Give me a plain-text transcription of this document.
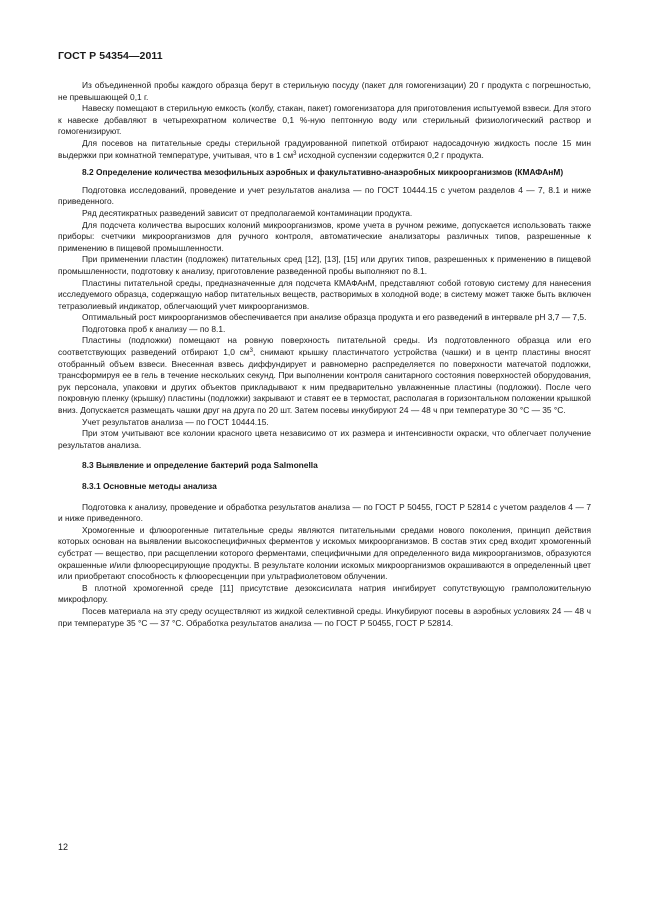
ГОСТ Р 54354—2011

Из объединенной пробы каждого образца берут в стерильную посуду (пакет для гомогенизации) 20 г продукта с погрешностью, не превышающей 0,1 г.

Навеску помещают в стерильную емкость (колбу, стакан, пакет) гомогенизатора для приготовления испытуемой взвеси. Для этого к навеске добавляют в четырехкратном количестве 0,1 %-ную пептонную воду или стерильный физиологический раствор и гомогенизируют.

Для посевов на питательные среды стерильной градуированной пипеткой отбирают надосадочную жидкость после 15 мин выдержки при комнатной температуре, учитывая, что в 1 $см^3$ исходной суспензии содержится 0,2 г продукта.

8.2 Определение количества мезофильных аэробных и факультативно-анаэробных микроорганизмов (КМАФАнМ)

Подготовка исследований, проведение и учет результатов анализа — по ГОСТ 10444.15 с учетом разделов 4 — 7, 8.1 и ниже приведенного.

Ряд десятикратных разведений зависит от предполагаемой контаминации продукта.

Для подсчета количества выросших колоний микроорганизмов, кроме учета в ручном режиме, допускается использовать также приборы: счетчики микроорганизмов для ручного контроля, автоматические анализаторы различных типов, разрешенные к применению в пищевой промышленности.

При применении пластин (подложек) питательных сред [12], [13], [15] или других типов, разрешенных к применению в пищевой промышленности, подготовку к анализу, приготовление разведенной пробы выполняют по 8.1.

Пластины питательной среды, предназначенные для подсчета КМАФАнМ, представляют собой готовую систему для нанесения исследуемого образца, содержащую набор питательных веществ, растворимых в холодной воде; в систему может также быть включен тетразолиевый индикатор, облегчающий учет микроорганизмов.

Оптимальный рост микроорганизмов обеспечивается при анализе образца продукта и его разведений в интервале рН 3,7 — 7,5.

Подготовка проб к анализу — по 8.1.

Пластины (подложки) помещают на ровную поверхность питательной среды. Из подготовленного образца или его соответствующих разведений отбирают 1,0 $см^3$, снимают крышку пластинчатого устройства (чашки) и в центр пластины вносят отобранный объем взвеси. Внесенная взвесь диффундирует и равномерно распределяется по поверхности матечатой подложки, трансформируя ее в гель в течение нескольких секунд. При выполнении контроля санитарного состояния поверхностей оборудования, рук персонала, упаковки и других объектов прикладывают к ним предварительно увлажненные пластины (подложки). После чего покровную пленку (крышку) пластины (подложки) закрывают и ставят ее в термостат, располагая в горизонтальном положении крышкой вниз. Допускается размещать чашки друг на друга по 20 шт. Затем посевы инкубируют 24 — 48 ч при температуре 30 °С — 35 °С.

Учет результатов анализа — по ГОСТ 10444.15.

При этом учитывают все колонии красного цвета независимо от их размера и интенсивности окраски, что облегчает получение результатов анализа.

8.3 Выявление и определение бактерий рода Salmonella
8.3.1 Основные методы анализа

Подготовка к анализу, проведение и обработка результатов анализа — по ГОСТ Р 50455, ГОСТ Р 52814 с учетом разделов 4 — 7 и ниже приведенного.

Хромогенные и флюорогенные питательные среды являются питательными средами нового поколения, принцип действия которых основан на выявлении высокоспецифичных ферментов у искомых микроорганизмов. В состав этих сред входит хромогенный субстрат — вещество, при расщеплении которого ферментами, специфичными для определенного вида микроорганизмов, образуются окрашенные и/или флюоресцирующие продукты. В результате колонии искомых микроорганизмов окрашиваются в определенный цвет или приобретают способность к флюоресценции при ультрафиолетовом облучении.

В плотной хромогенной среде [11] присутствие дезоксисилата натрия ингибирует сопутствующую грамположительную микрофлору.

Посев материала на эту среду осуществляют из жидкой селективной среды. Инкубируют посевы в аэробных условиях 24 — 48 ч при температуре 35 °С — 37 °С. Обработка результатов анализа — по ГОСТ Р 50455, ГОСТ Р 52814.

12
